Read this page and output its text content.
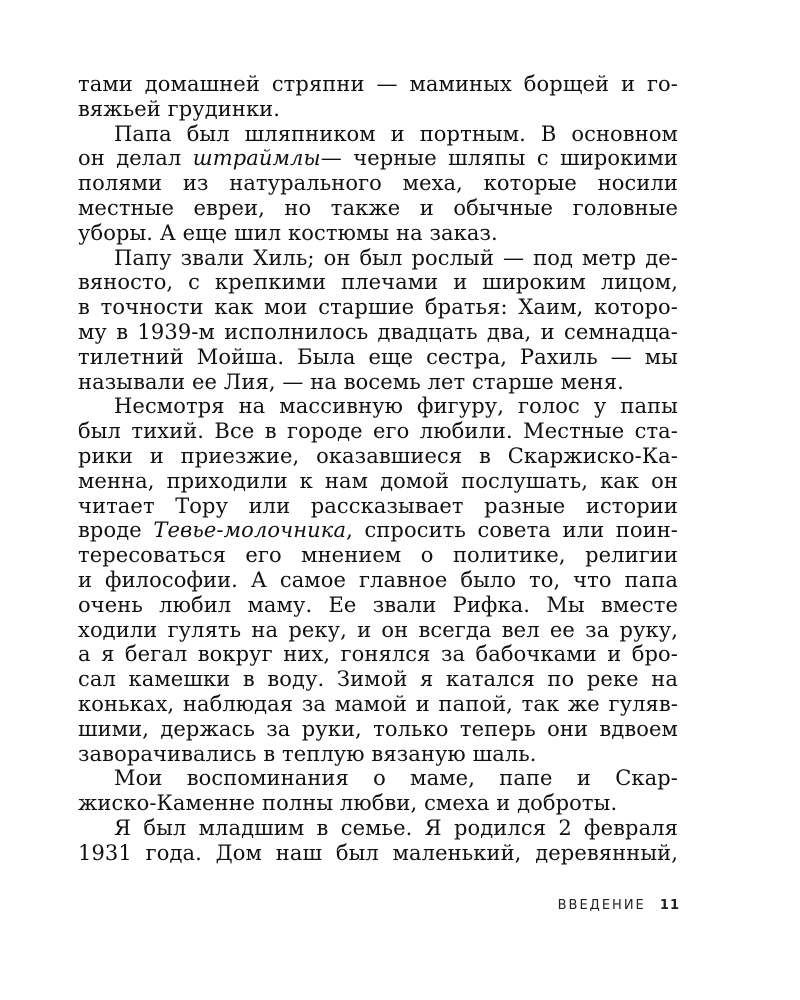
тами домашней стряпни — маминых борщей и го-
вяжьей грудинки.
Папа был шляпником и портным. В основном
он делал штраймлы— черные шляпы с широкими
полями из натурального меха, которые носили
местные евреи, но также и обычные головные
уборы. А еще шил костюмы на заказ.
Папу звали Хиль; он был рослый — под метр де-
вяносто, с крепкими плечами и широким лицом,
в точности как мои старшие братья: Хаим, которо-
му в 1939-м исполнилось двадцать два, и семнадца-
тилетний Мойша. Была еще сестра, Рахиль — мы
называли ее Лия, — на восемь лет старше меня.
Несмотря на массивную фигуру, голос у папы
был тихий. Все в городе его любили. Местные ста-
рики и приезжие, оказавшиеся в Скаржиско-Ка-
менна, приходили к нам домой послушать, как он
читает Тору или рассказывает разные истории
вроде Тевье-молочника, спросить совета или поин-
тересоваться его мнением о политике, религии
и философии. А самое главное было то, что папа
очень любил маму. Ее звали Рифка. Мы вместе
ходили гулять на реку, и он всегда вел ее за руку,
а я бегал вокруг них, гонялся за бабочками и бро-
сал камешки в воду. Зимой я катался по реке на
коньках, наблюдая за мамой и папой, так же гуляв-
шими, держась за руки, только теперь они вдвоем
заворачивались в теплую вязаную шаль.
Мои воспоминания о маме, папе и Скар-
жиско-Каменне полны любви, смеха и доброты.
Я был младшим в семье. Я родился 2 февраля
1931 года. Дом наш был маленький, деревянный,
ВВЕДЕНИЕ 11
